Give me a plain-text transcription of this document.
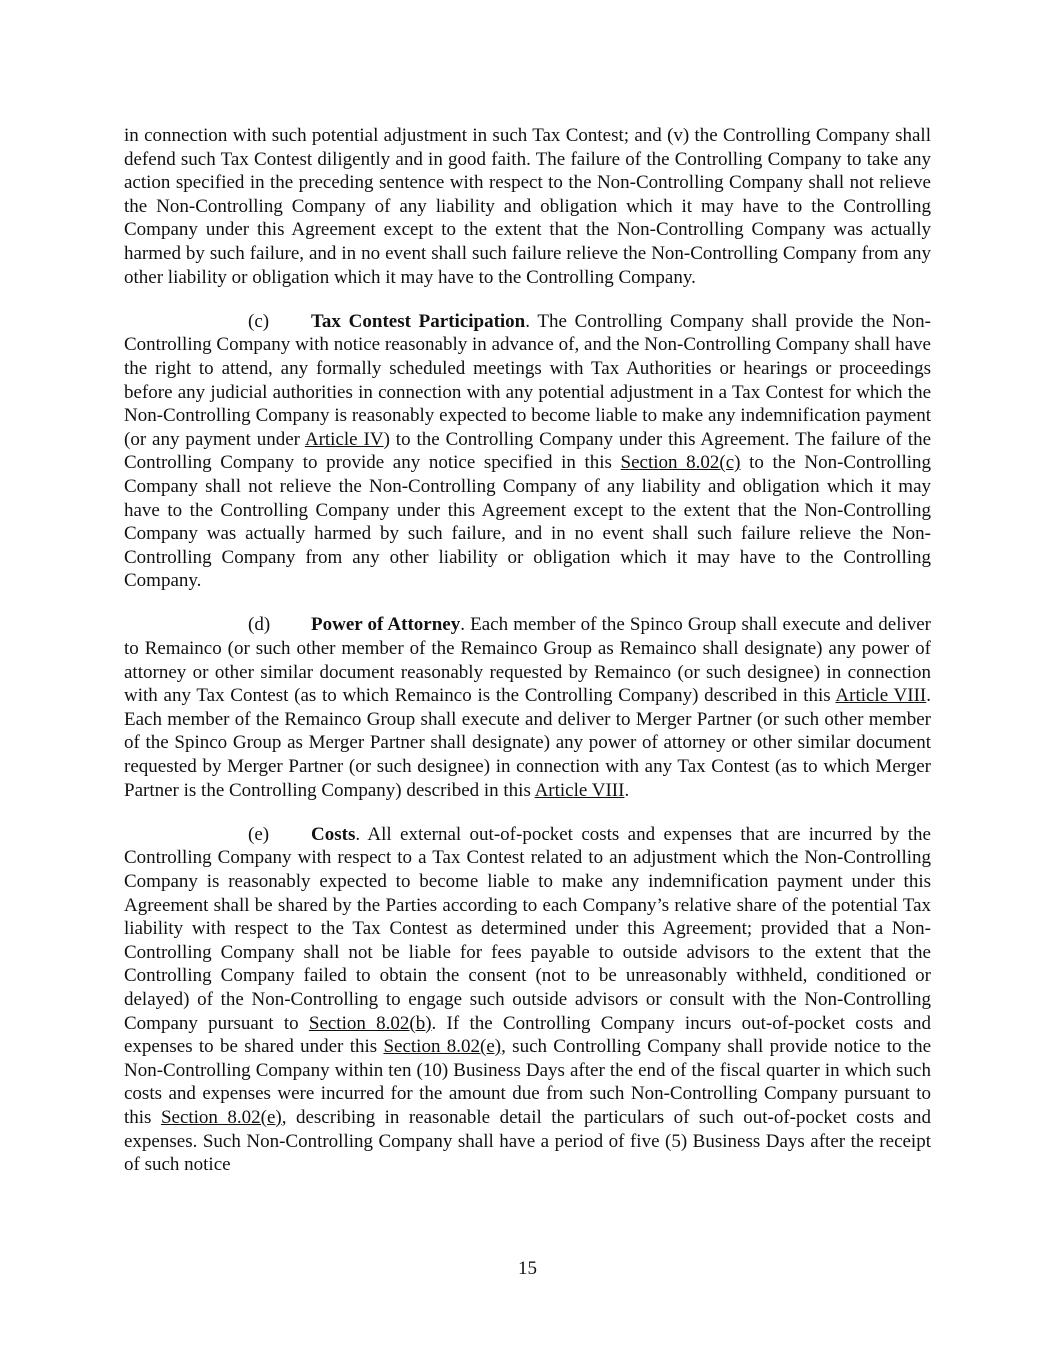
in connection with such potential adjustment in such Tax Contest; and (v) the Controlling Company shall defend such Tax Contest diligently and in good faith. The failure of the Controlling Company to take any action specified in the preceding sentence with respect to the Non-Controlling Company shall not relieve the Non-Controlling Company of any liability and obligation which it may have to the Controlling Company under this Agreement except to the extent that the Non-Controlling Company was actually harmed by such failure, and in no event shall such failure relieve the Non-Controlling Company from any other liability or obligation which it may have to the Controlling Company.

(c) Tax Contest Participation. The Controlling Company shall provide the Non-Controlling Company with notice reasonably in advance of, and the Non-Controlling Company shall have the right to attend, any formally scheduled meetings with Tax Authorities or hearings or proceedings before any judicial authorities in connection with any potential adjustment in a Tax Contest for which the Non-Controlling Company is reasonably expected to become liable to make any indemnification payment (or any payment under Article IV) to the Controlling Company under this Agreement. The failure of the Controlling Company to provide any notice specified in this Section 8.02(c) to the Non-Controlling Company shall not relieve the Non-Controlling Company of any liability and obligation which it may have to the Controlling Company under this Agreement except to the extent that the Non-Controlling Company was actually harmed by such failure, and in no event shall such failure relieve the Non-Controlling Company from any other liability or obligation which it may have to the Controlling Company.

(d) Power of Attorney. Each member of the Spinco Group shall execute and deliver to Remainco (or such other member of the Remainco Group as Remainco shall designate) any power of attorney or other similar document reasonably requested by Remainco (or such designee) in connection with any Tax Contest (as to which Remainco is the Controlling Company) described in this Article VIII. Each member of the Remainco Group shall execute and deliver to Merger Partner (or such other member of the Spinco Group as Merger Partner shall designate) any power of attorney or other similar document requested by Merger Partner (or such designee) in connection with any Tax Contest (as to which Merger Partner is the Controlling Company) described in this Article VIII.

(e) Costs. All external out-of-pocket costs and expenses that are incurred by the Controlling Company with respect to a Tax Contest related to an adjustment which the Non-Controlling Company is reasonably expected to become liable to make any indemnification payment under this Agreement shall be shared by the Parties according to each Company’s relative share of the potential Tax liability with respect to the Tax Contest as determined under this Agreement; provided that a Non-Controlling Company shall not be liable for fees payable to outside advisors to the extent that the Controlling Company failed to obtain the consent (not to be unreasonably withheld, conditioned or delayed) of the Non-Controlling to engage such outside advisors or consult with the Non-Controlling Company pursuant to Section 8.02(b). If the Controlling Company incurs out-of-pocket costs and expenses to be shared under this Section 8.02(e), such Controlling Company shall provide notice to the Non-Controlling Company within ten (10) Business Days after the end of the fiscal quarter in which such costs and expenses were incurred for the amount due from such Non-Controlling Company pursuant to this Section 8.02(e), describing in reasonable detail the particulars of such out-of-pocket costs and expenses. Such Non-Controlling Company shall have a period of five (5) Business Days after the receipt of such notice

15
